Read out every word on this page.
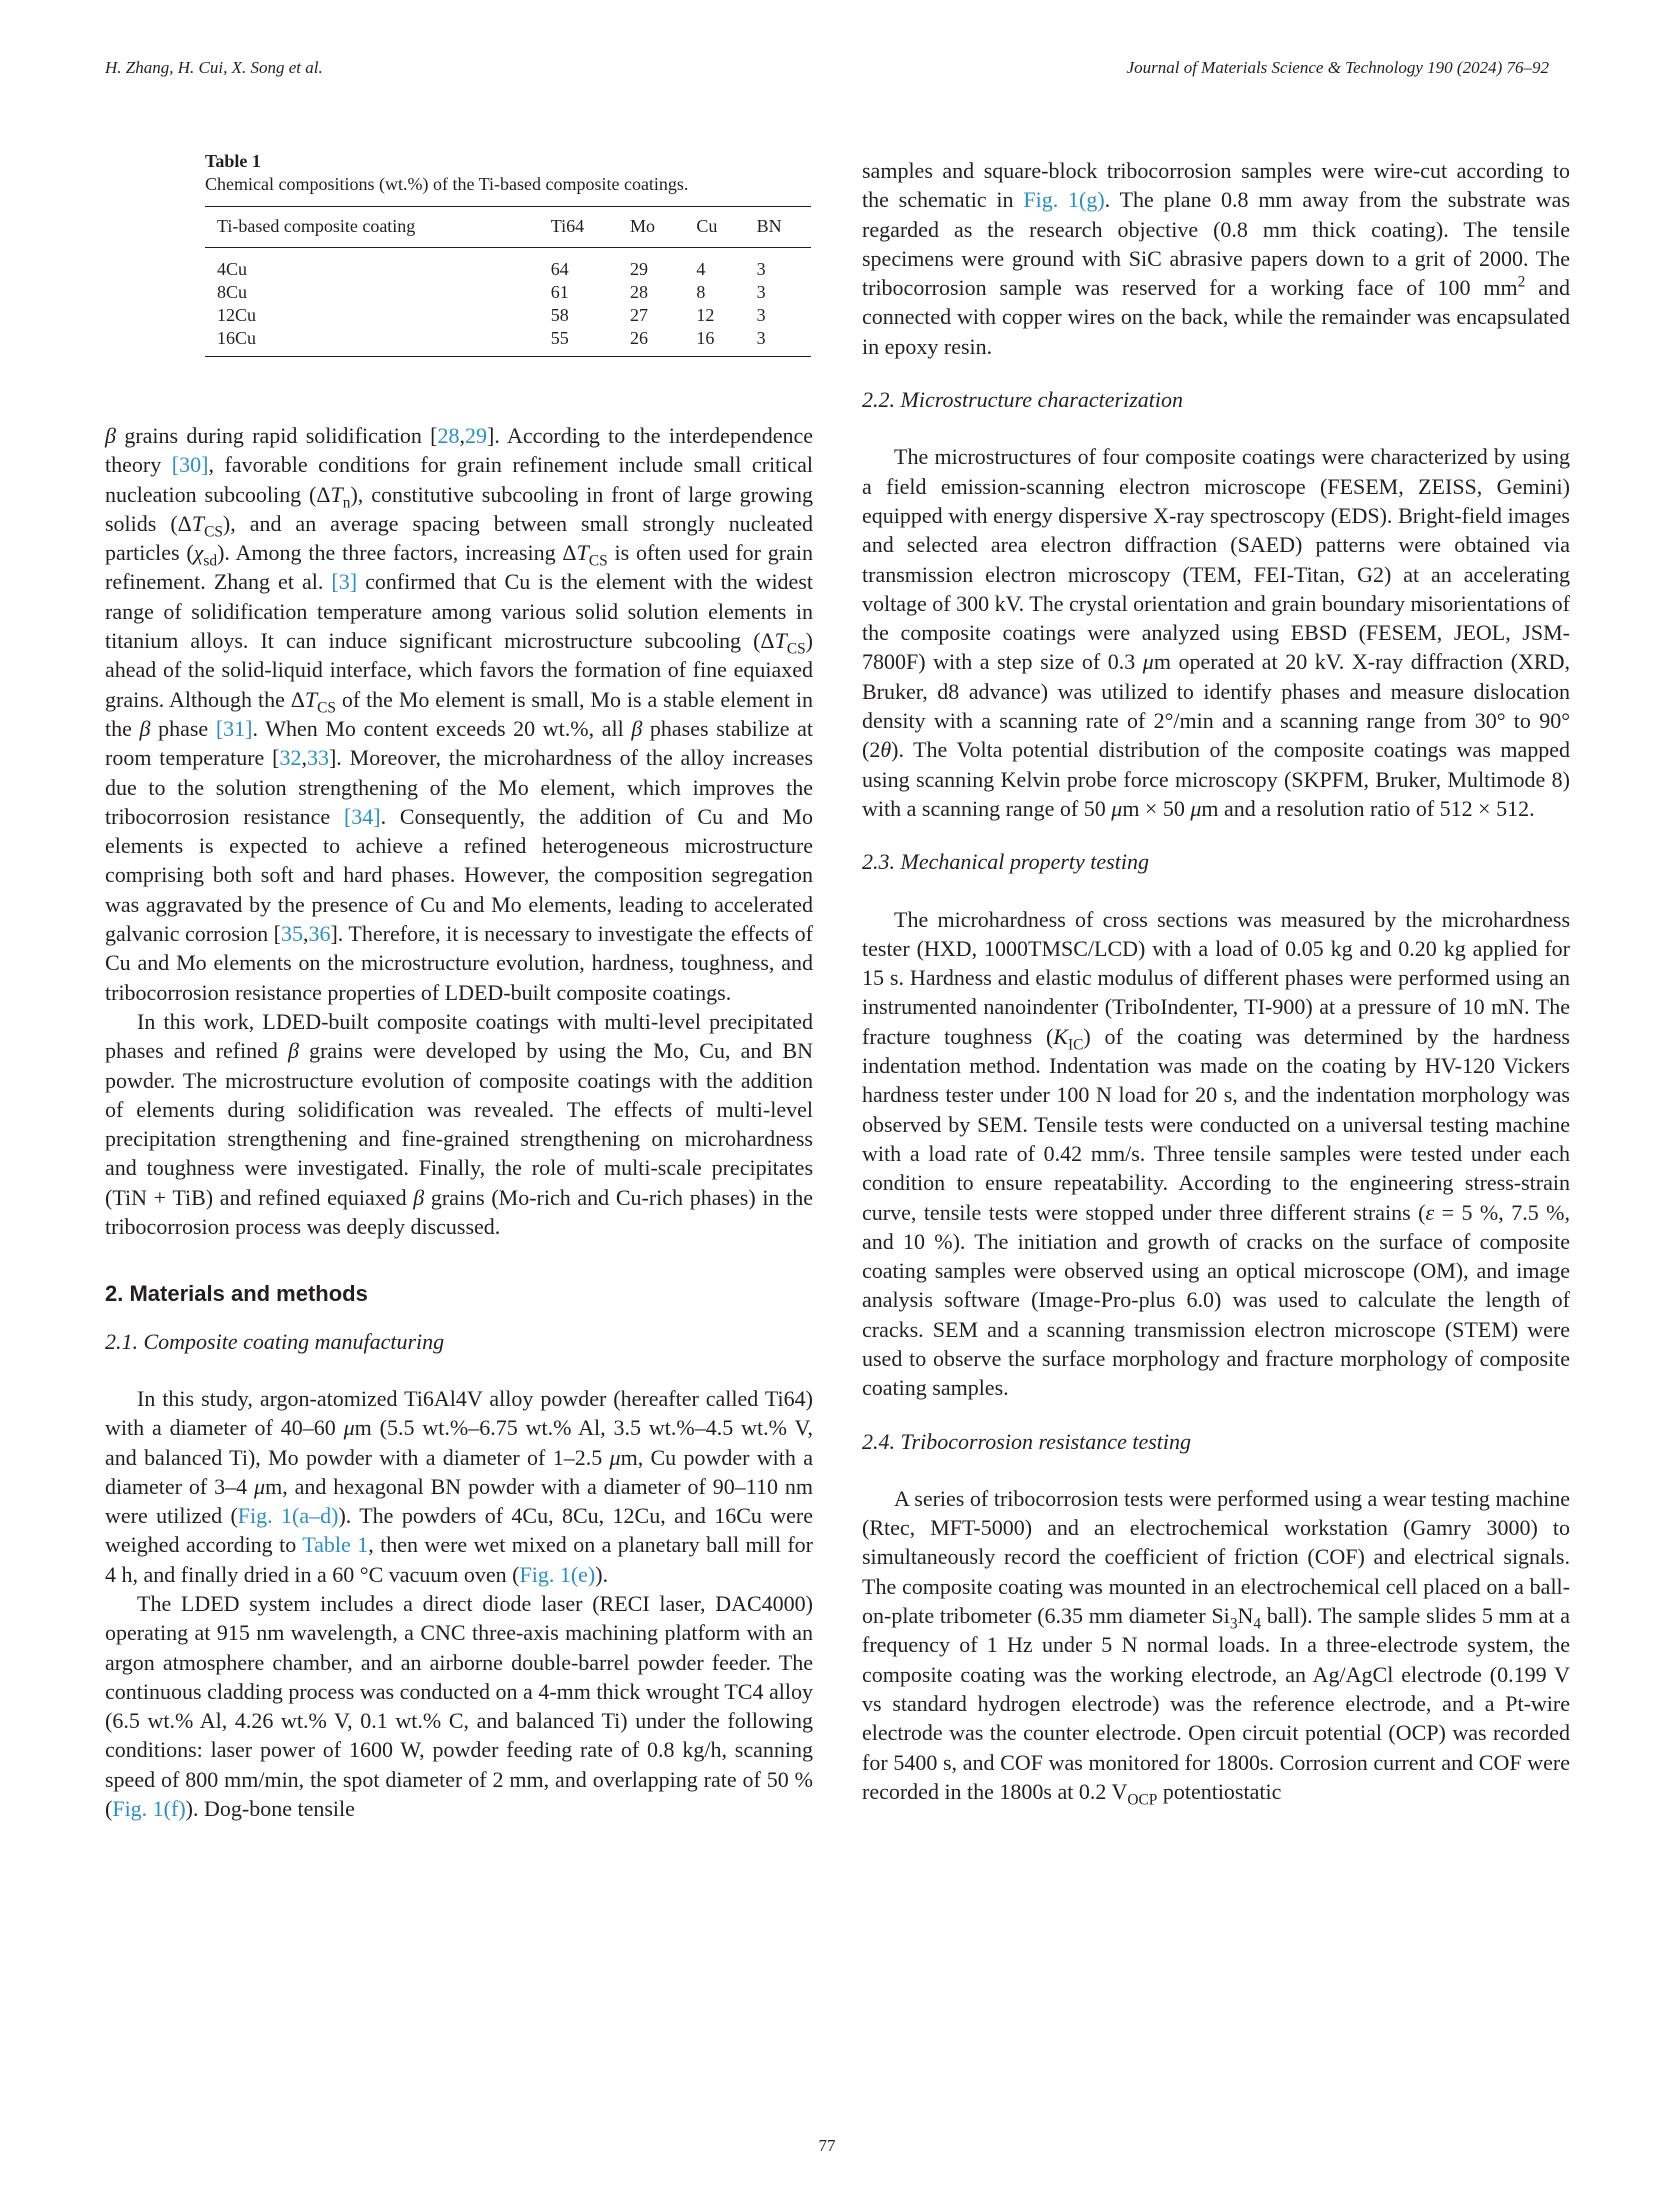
H. Zhang, H. Cui, X. Song et al.	Journal of Materials Science & Technology 190 (2024) 76–92
Table 1
Chemical compositions (wt.%) of the Ti-based composite coatings.
Ti-based composite coating	Ti64	Mo	Cu	BN
4Cu	64	29	4	3
8Cu	61	28	8	3
12Cu	58	27	12	3
16Cu	55	26	16	3

β grains during rapid solidification [28,29]. According to the interdependence theory [30], favorable conditions for grain refinement include small critical nucleation subcooling $(\Delta T_n)$, constitutive subcooling in front of large growing solids $(\Delta T_{CS})$, and an average spacing between small strongly nucleated particles $(\chi_{sd})$. Among the three factors, increasing $\Delta T_{CS}$ is often used for grain refinement. Zhang et al. [3] confirmed that Cu is the element with the widest range of solidification temperature among various solid solution elements in titanium alloys. It can induce significant microstructure subcooling $(\Delta T_{CS})$ ahead of the solid-liquid interface, which favors the formation of fine equiaxed grains. Although the $\Delta T_{CS}$ of the Mo element is small, Mo is a stable element in the β phase [31]. When Mo content exceeds 20 wt.%, all β phases stabilize at room temperature [32,33]. Moreover, the microhardness of the alloy increases due to the solution strengthening of the Mo element, which improves the tribocorrosion resistance [34]. Consequently, the addition of Cu and Mo elements is expected to achieve a refined heterogeneous microstructure comprising both soft and hard phases. However, the composition segregation was aggravated by the presence of Cu and Mo elements, leading to accelerated galvanic corrosion [35,36]. Therefore, it is necessary to investigate the effects of Cu and Mo elements on the microstructure evolution, hardness, toughness, and tribocorrosion resistance properties of LDED-built composite coatings.

In this work, LDED-built composite coatings with multi-level precipitated phases and refined β grains were developed by using the Mo, Cu, and BN powder. The microstructure evolution of composite coatings with the addition of elements during solidification was revealed. The effects of multi-level precipitation strengthening and fine-grained strengthening on microhardness and toughness were investigated. Finally, the role of multi-scale precipitates (TiN + TiB) and refined equiaxed β grains (Mo-rich and Cu-rich phases) in the tribocorrosion process was deeply discussed.

2. Materials and methods
2.1. Composite coating manufacturing

In this study, argon-atomized Ti6Al4V alloy powder (hereafter called Ti64) with a diameter of 40–60 μm (5.5 wt.%–6.75 wt.% Al, 3.5 wt.%–4.5 wt.% V, and balanced Ti), Mo powder with a diameter of 1–2.5 μm, Cu powder with a diameter of 3–4 μm, and hexagonal BN powder with a diameter of 90–110 nm were utilized (Fig. 1(a–d)). The powders of 4Cu, 8Cu, 12Cu, and 16Cu were weighed according to Table 1, then were wet mixed on a planetary ball mill for 4 h, and finally dried in a 60 °C vacuum oven (Fig. 1(e)).

The LDED system includes a direct diode laser (RECI laser, DAC4000) operating at 915 nm wavelength, a CNC three-axis machining platform with an argon atmosphere chamber, and an airborne double-barrel powder feeder. The continuous cladding process was conducted on a 4-mm thick wrought TC4 alloy (6.5 wt.% Al, 4.26 wt.% V, 0.1 wt.% C, and balanced Ti) under the following conditions: laser power of 1600 W, powder feeding rate of 0.8 kg/h, scanning speed of 800 mm/min, the spot diameter of 2 mm, and overlapping rate of 50 % (Fig. 1(f)). Dog-bone tensile

samples and square-block tribocorrosion samples were wire-cut according to the schematic in Fig. 1(g). The plane 0.8 mm away from the substrate was regarded as the research objective (0.8 mm thick coating). The tensile specimens were ground with SiC abrasive papers down to a grit of 2000. The tribocorrosion sample was reserved for a working face of 100 $mm^2$ and connected with copper wires on the back, while the remainder was encapsulated in epoxy resin.

2.2. Microstructure characterization

The microstructures of four composite coatings were characterized by using a field emission-scanning electron microscope (FESEM, ZEISS, Gemini) equipped with energy dispersive X-ray spectroscopy (EDS). Bright-field images and selected area electron diffraction (SAED) patterns were obtained via transmission electron microscopy (TEM, FEI-Titan, G2) at an accelerating voltage of 300 kV. The crystal orientation and grain boundary misorientations of the composite coatings were analyzed using EBSD (FESEM, JEOL, JSM-7800F) with a step size of 0.3 μm operated at 20 kV. X-ray diffraction (XRD, Bruker, d8 advance) was utilized to identify phases and measure dislocation density with a scanning rate of 2°/min and a scanning range from 30° to 90° (2θ). The Volta potential distribution of the composite coatings was mapped using scanning Kelvin probe force microscopy (SKPFM, Bruker, Multimode 8) with a scanning range of 50 μm × 50 μm and a resolution ratio of 512 × 512.

2.3. Mechanical property testing

The microhardness of cross sections was measured by the microhardness tester (HXD, 1000TMSC/LCD) with a load of 0.05 kg and 0.20 kg applied for 15 s. Hardness and elastic modulus of different phases were performed using an instrumented nanoindenter (TriboIndenter, TI-900) at a pressure of 10 mN. The fracture toughness $(K_{IC})$ of the coating was determined by the hardness indentation method. Indentation was made on the coating by HV-120 Vickers hardness tester under 100 N load for 20 s, and the indentation morphology was observed by SEM. Tensile tests were conducted on a universal testing machine with a load rate of 0.42 mm/s. Three tensile samples were tested under each condition to ensure repeatability. According to the engineering stress-strain curve, tensile tests were stopped under three different strains (ε = 5 %, 7.5 %, and 10 %). The initiation and growth of cracks on the surface of composite coating samples were observed using an optical microscope (OM), and image analysis software (Image-Pro-plus 6.0) was used to calculate the length of cracks. SEM and a scanning transmission electron microscope (STEM) were used to observe the surface morphology and fracture morphology of composite coating samples.

2.4. Tribocorrosion resistance testing

A series of tribocorrosion tests were performed using a wear testing machine (Rtec, MFT-5000) and an electrochemical workstation (Gamry 3000) to simultaneously record the coefficient of friction (COF) and electrical signals. The composite coating was mounted in an electrochemical cell placed on a ball-on-plate tribometer (6.35 mm diameter $Si_3N_4$ ball). The sample slides 5 mm at a frequency of 1 Hz under 5 N normal loads. In a three-electrode system, the composite coating was the working electrode, an Ag/AgCl electrode (0.199 V vs standard hydrogen electrode) was the reference electrode, and a Pt-wire electrode was the counter electrode. Open circuit potential (OCP) was recorded for 5400 s, and COF was monitored for 1800s. Corrosion current and COF were recorded in the 1800s at 0.2 $V_{OCP}$ potentiostatic

77
